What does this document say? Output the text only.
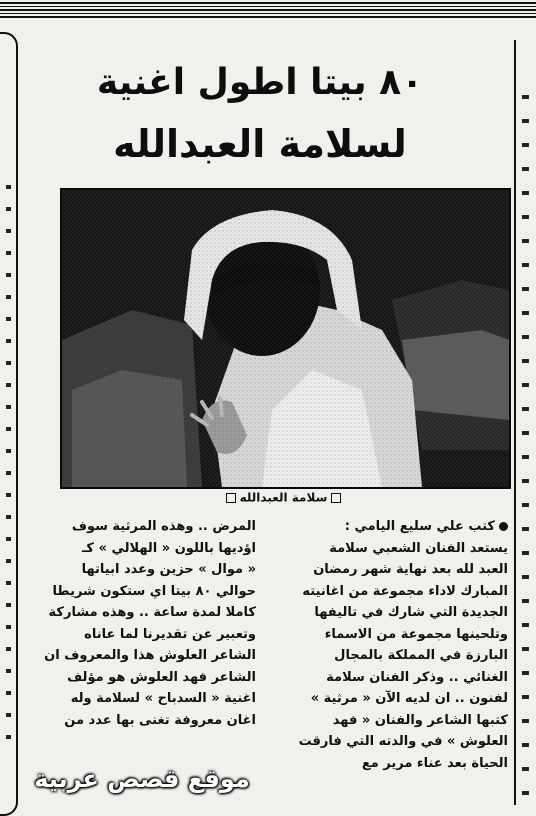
٨٠ بيتا اطول اغنية
لسلامة العبدالله
سلامة العبدالله
كتب علي سليع اليامي :
يستعد الفنان الشعبي سلامة
العبد لله بعد نهاية شهر رمضان
المبارك لاداء مجموعة من اغانيته
الجديدة التي شارك في تاليفها
وتلحينها مجموعة من الاسماء
البارزة في المملكة بالمجال
الغنائي .. وذكر الفنان سلامة
لفنون .. ان لديه الآن « مرثية »
كتبها الشاعر والفنان « فهد
العلوش » في والدته التي فارقت
الحياة بعد عناء مرير مع
المرض .. وهذه المرثية سوف
اؤديها باللون « الهلالي » كـ
« موال » حزين وعدد ابياتها
حوالي ٨٠ بيتا اي ستكون شريطا
كاملا لمدة ساعة .. وهذه مشاركة
وتعبير عن تقديرنا لما عاناه
الشاعر العلوش هذا والمعروف ان
الشاعر فهد العلوش هو مؤلف
اغنية « السدباح » لسلامة وله
اغان معروفة تغنى بها عدد من
موقع قصص عربية
